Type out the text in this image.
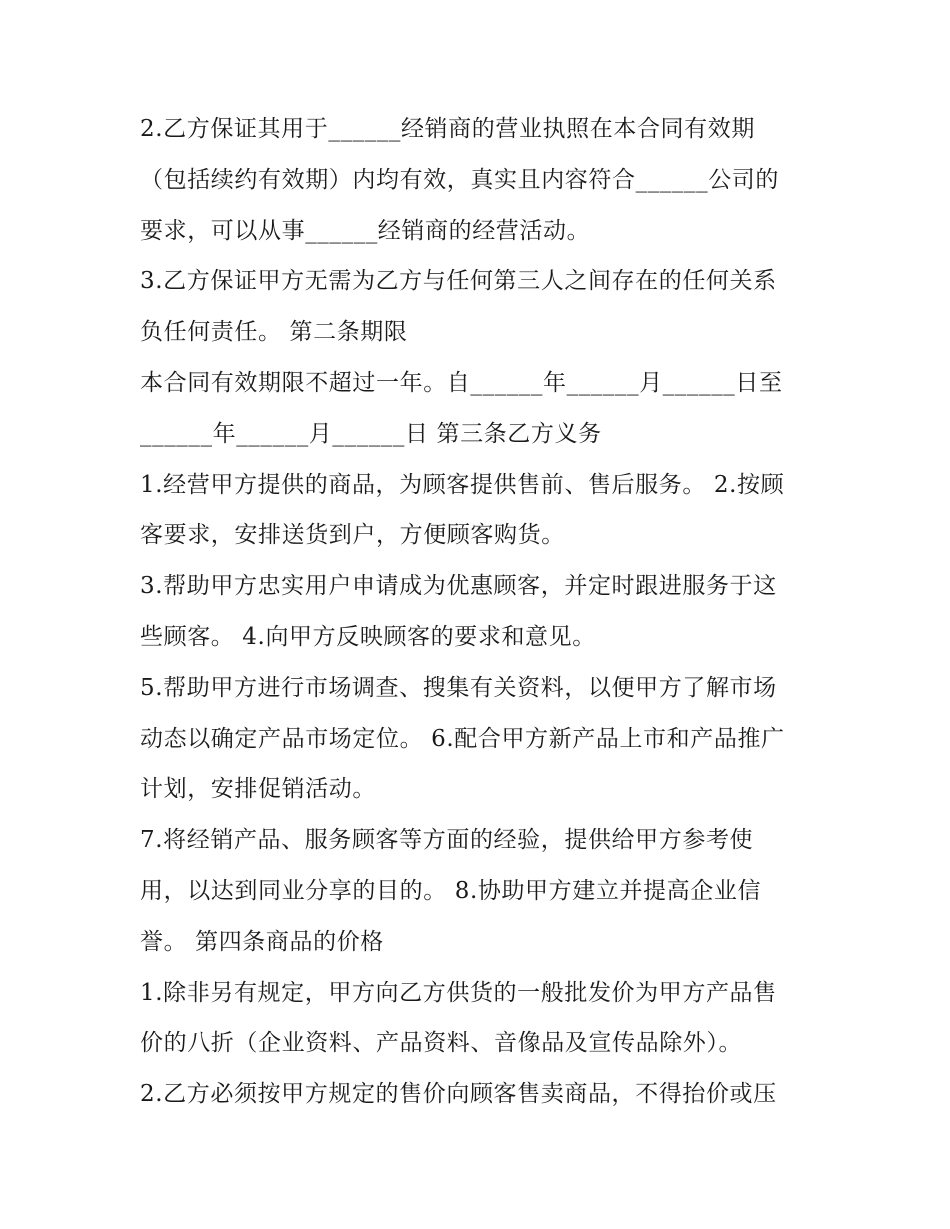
2.乙方保证其用于______经销商的营业执照在本合同有效期
（包括续约有效期）内均有效，真实且内容符合______公司的
要求，可以从事______经销商的经营活动。
3.乙方保证甲方无需为乙方与任何第三人之间存在的任何关系
负任何责任。 第二条期限
本合同有效期限不超过一年。自______年______月______日至
______年______月______日 第三条乙方义务
1.经营甲方提供的商品，为顾客提供售前、售后服务。 2.按顾
客要求，安排送货到户，方便顾客购货。
3.帮助甲方忠实用户申请成为优惠顾客，并定时跟进服务于这
些顾客。 4.向甲方反映顾客的要求和意见。
5.帮助甲方进行市场调查、搜集有关资料，以便甲方了解市场
动态以确定产品市场定位。 6.配合甲方新产品上市和产品推广
计划，安排促销活动。
7.将经销产品、服务顾客等方面的经验，提供给甲方参考使
用，以达到同业分享的目的。 8.协助甲方建立并提高企业信
誉。 第四条商品的价格
1.除非另有规定，甲方向乙方供货的一般批发价为甲方产品售
价的八折（企业资料、产品资料、音像品及宣传品除外）。
2.乙方必须按甲方规定的售价向顾客售卖商品，不得抬价或压
